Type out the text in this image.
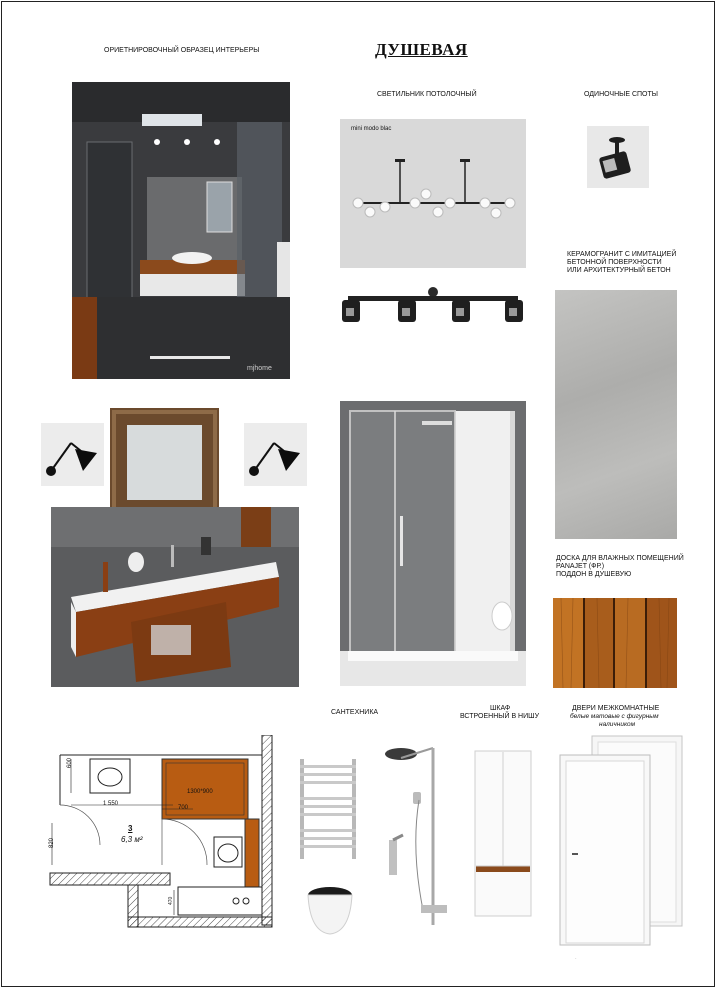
ОРИЕТНИРОВОЧНЫЙ ОБРАЗЕЦ ИНТЕРЬЕРЫ	ДУШЕВАЯ
mjhome
СВЕТИЛЬНИК ПОТОЛОЧНЫЙ
mini modo blac
ОДИНОЧНЫЕ СПОТЫ
КЕРАМОГРАНИТ С ИМИТАЦИЕЙ
БЕТОННОЙ ПОВЕРХНОСТИ
ИЛИ АРХИТЕКТУРНЫЙ БЕТОН
ДОСКА ДЛЯ ВЛАЖНЫХ ПОМЕЩЕНИЙ
PANAJET (ФР.)
ПОДДОН В ДУШЕВУЮ
600
1 550
700
820
1300*900
3
6,3 м²
470
САНТЕХНИКА
ШКАФ
ВСТРОЕННЫЙ В НИШУ
ДВЕРИ МЕЖКОМНАТНЫЕ
белые матовые с фигурным
наличником
·
